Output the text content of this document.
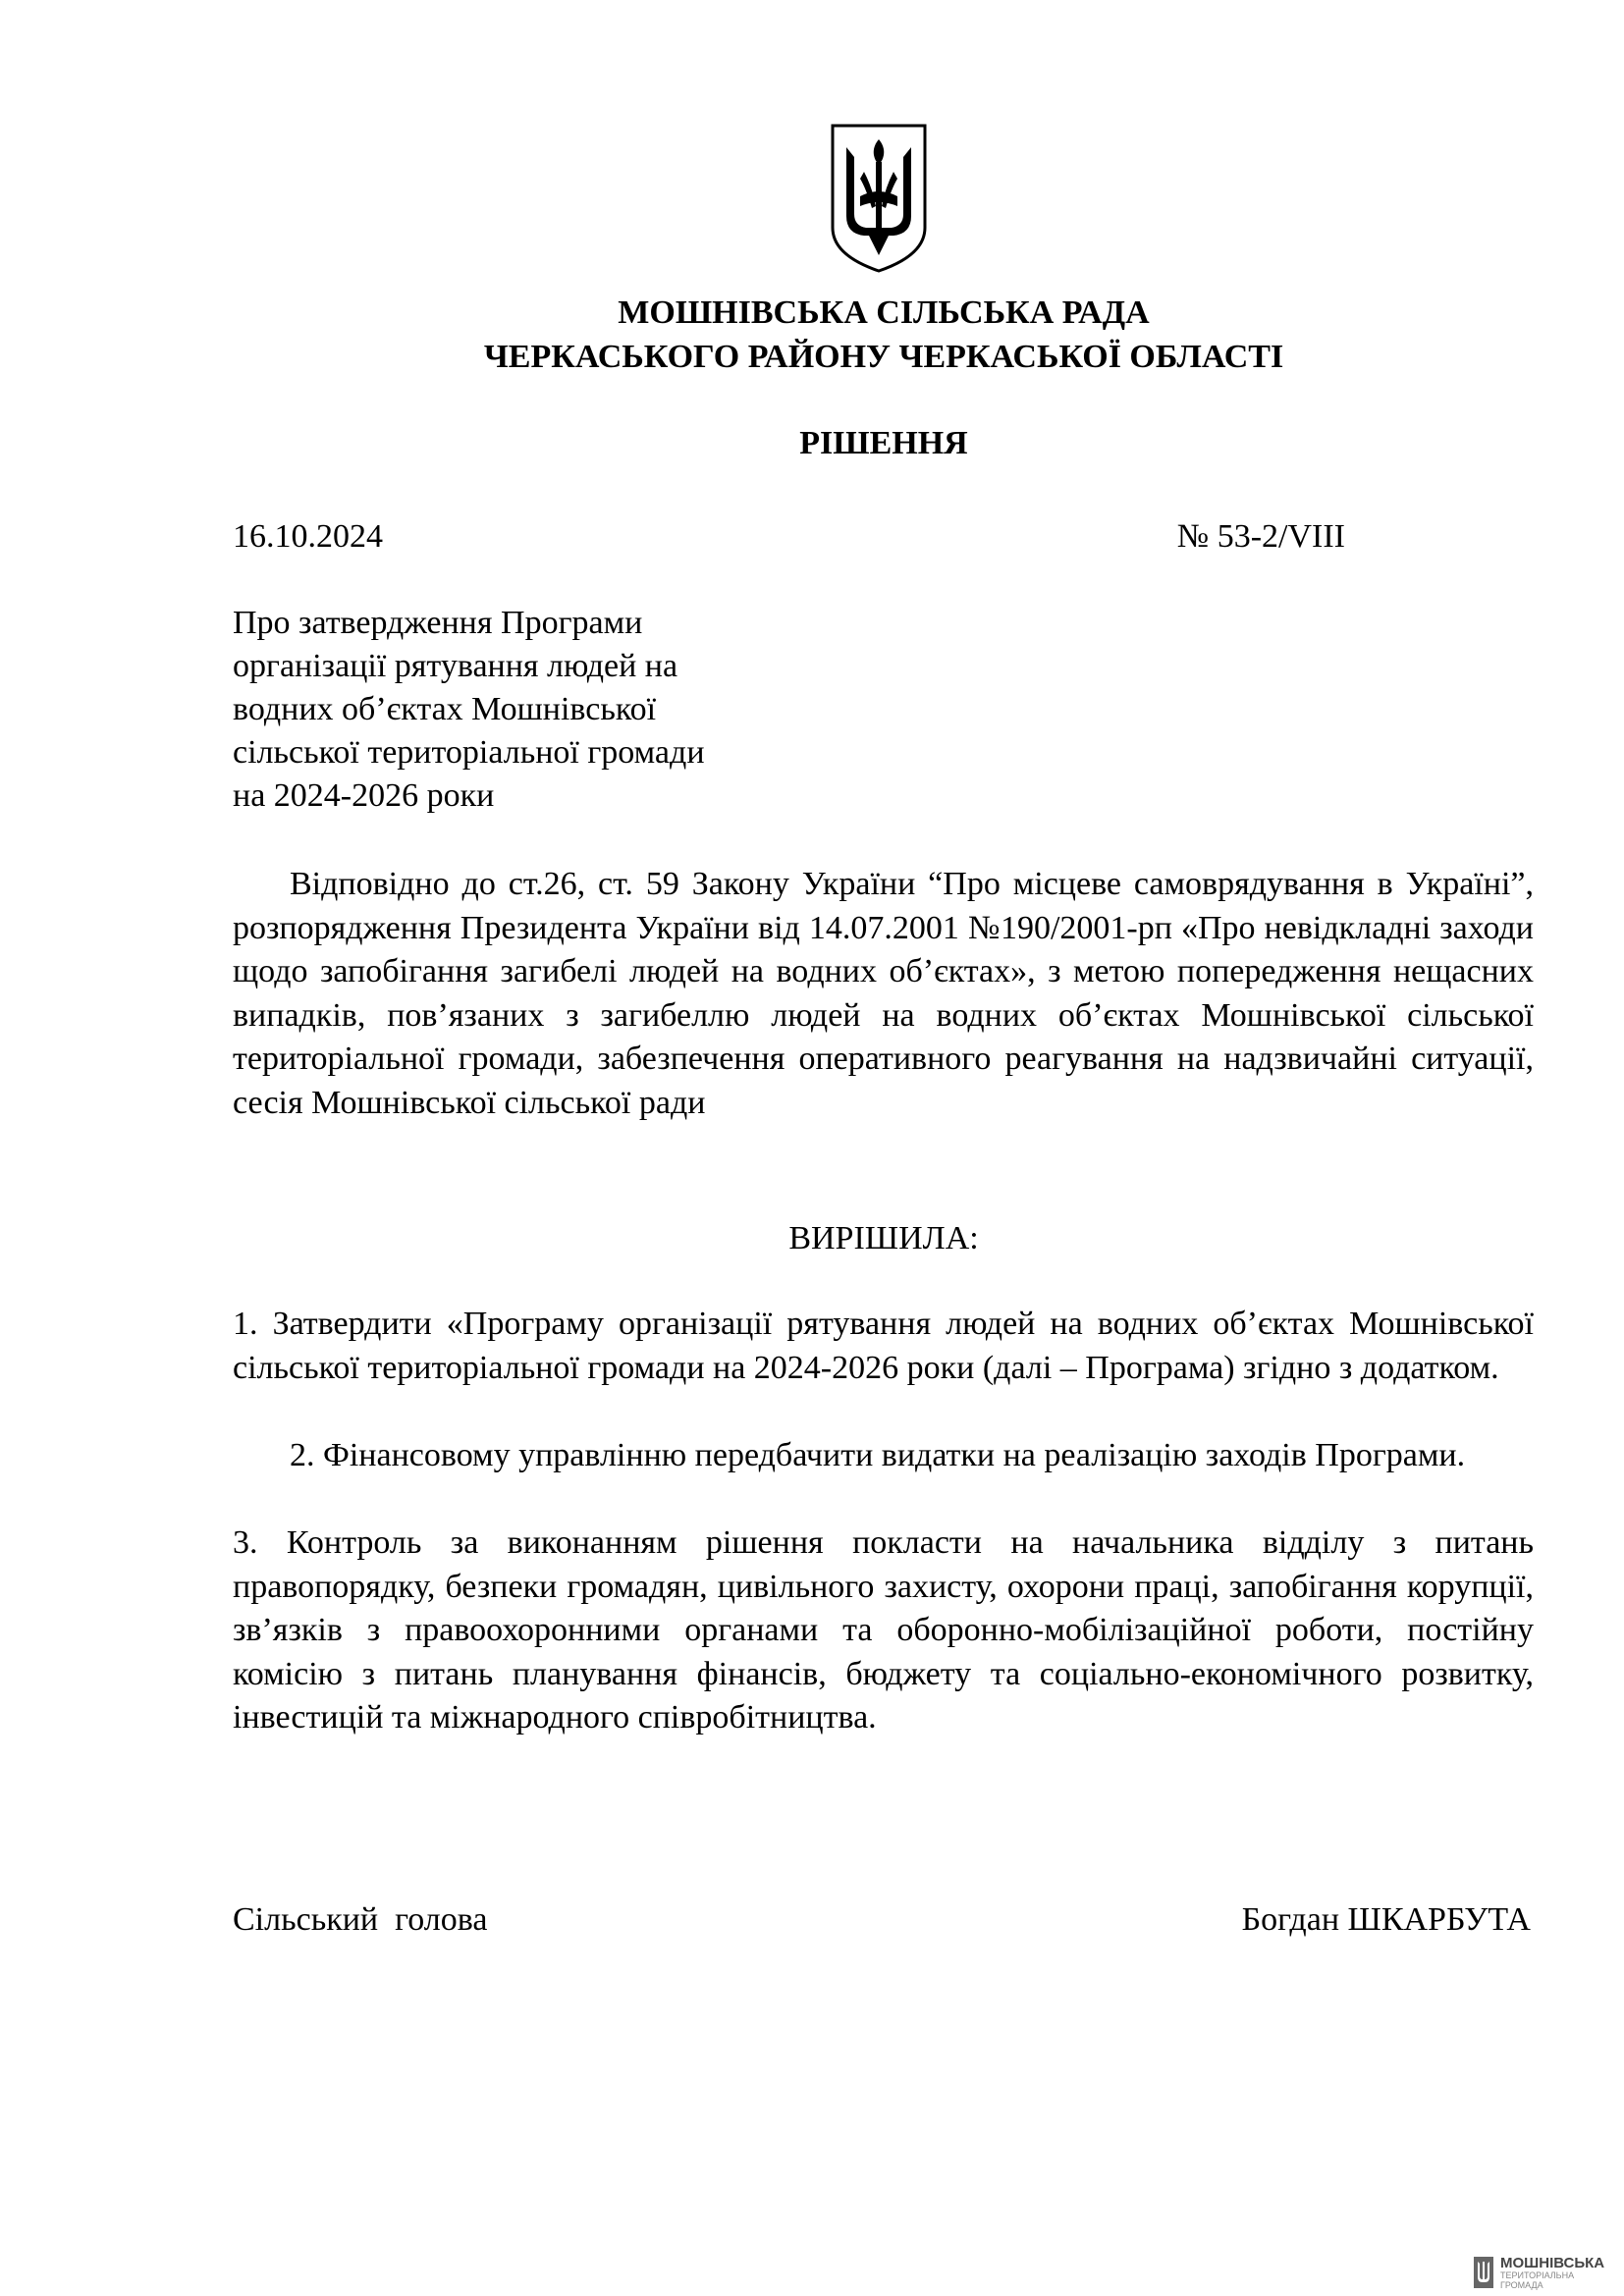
МОШНІВСЬКА СІЛЬСЬКА РАДА
ЧЕРКАСЬКОГО РАЙОНУ ЧЕРКАСЬКОЇ ОБЛАСТІ
РІШЕННЯ
16.10.2024	№ 53-2/VIII
Про затвердження Програми
організації рятування людей на
водних об’єктах Мошнівської
сільської територіальної громади
на 2024-2026 роки
Відповідно до ст.26, ст. 59 Закону України “Про місцеве самоврядування в Україні”, розпорядження Президента України від 14.07.2001 №190/2001-рп «Про невідкладні заходи щодо запобігання загибелі людей на водних об’єктах», з метою попередження нещасних випадків, пов’язаних з загибеллю людей на водних об’єктах Мошнівської сільської територіальної громади, забезпечення оперативного реагування на надзвичайні ситуації, сесія Мошнівської сільської ради
ВИРІШИЛА:
1. Затвердити «Програму організації рятування людей на водних об’єктах Мошнівської сільської територіальної громади на 2024-2026 роки (далі – Програма) згідно з додатком.
2. Фінансовому управлінню передбачити видатки на реалізацію заходів Програми.
3. Контроль за виконанням рішення покласти на начальника відділу з питань правопорядку, безпеки громадян, цивільного захисту, охорони праці, запобігання корупції, зв’язків з правоохоронними органами та оборонно-мобілізаційної роботи, постійну комісію з питань планування фінансів, бюджету та соціально-економічного розвитку, інвестицій та міжнародного співробітництва.
Сільський  голова	Богдан ШКАРБУТА
МОШНІВСЬКА
ТЕРИТОРІАЛЬНА
ГРОМАДА
